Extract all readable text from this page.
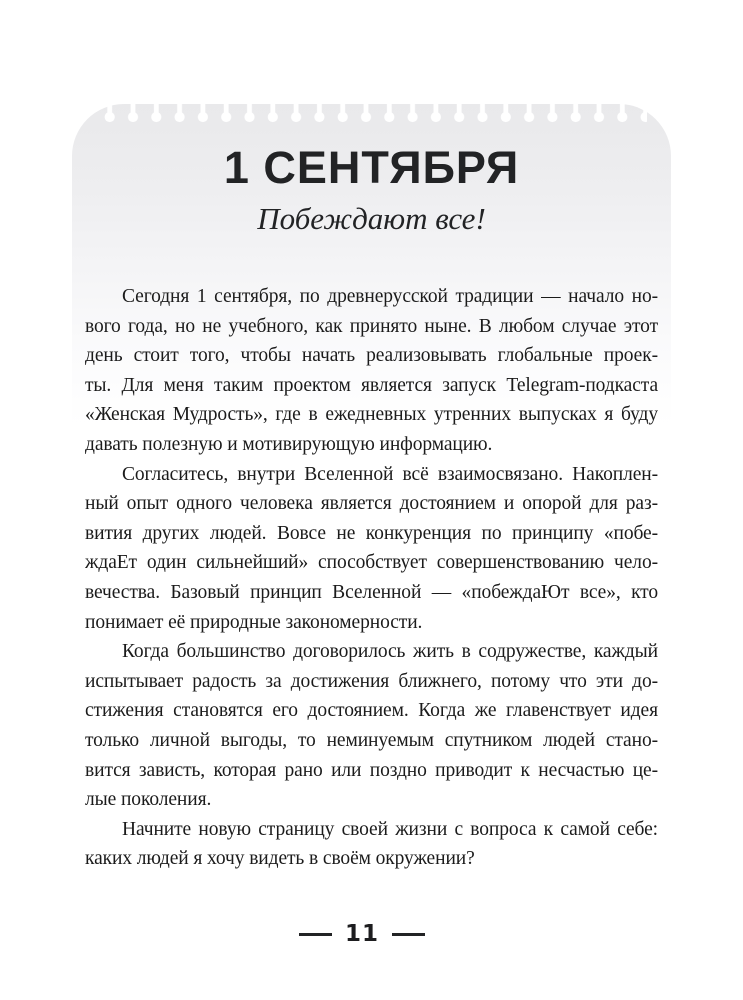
1 СЕНТЯБРЯ
Побеждают все!
Сегодня 1 сентября, по древнерусской традиции — начало но-
вого года, но не учебного, как принято ныне. В любом случае этот
день стоит того, чтобы начать реализовывать глобальные проек-
ты. Для меня таким проектом является запуск Telegram-подкаста
«Женская Мудрость», где в ежедневных утренних выпусках я буду
давать полезную и мотивирующую информацию.
Согласитесь, внутри Вселенной всё взаимосвязано. Накоплен-
ный опыт одного человека является достоянием и опорой для раз-
вития других людей. Вовсе не конкуренция по принципу «побе-
ждаЕт один сильнейший» способствует совершенствованию чело-
вечества. Базовый принцип Вселенной — «побеждаЮт все», кто
понимает её природные закономерности.
Когда большинство договорилось жить в содружестве, каждый
испытывает радость за достижения ближнего, потому что эти до-
стижения становятся его достоянием. Когда же главенствует идея
только личной выгоды, то неминуемым спутником людей стано-
вится зависть, которая рано или поздно приводит к несчастью це-
лые поколения.
Начните новую страницу своей жизни с вопроса к самой себе:
каких людей я хочу видеть в своём окружении?
11
